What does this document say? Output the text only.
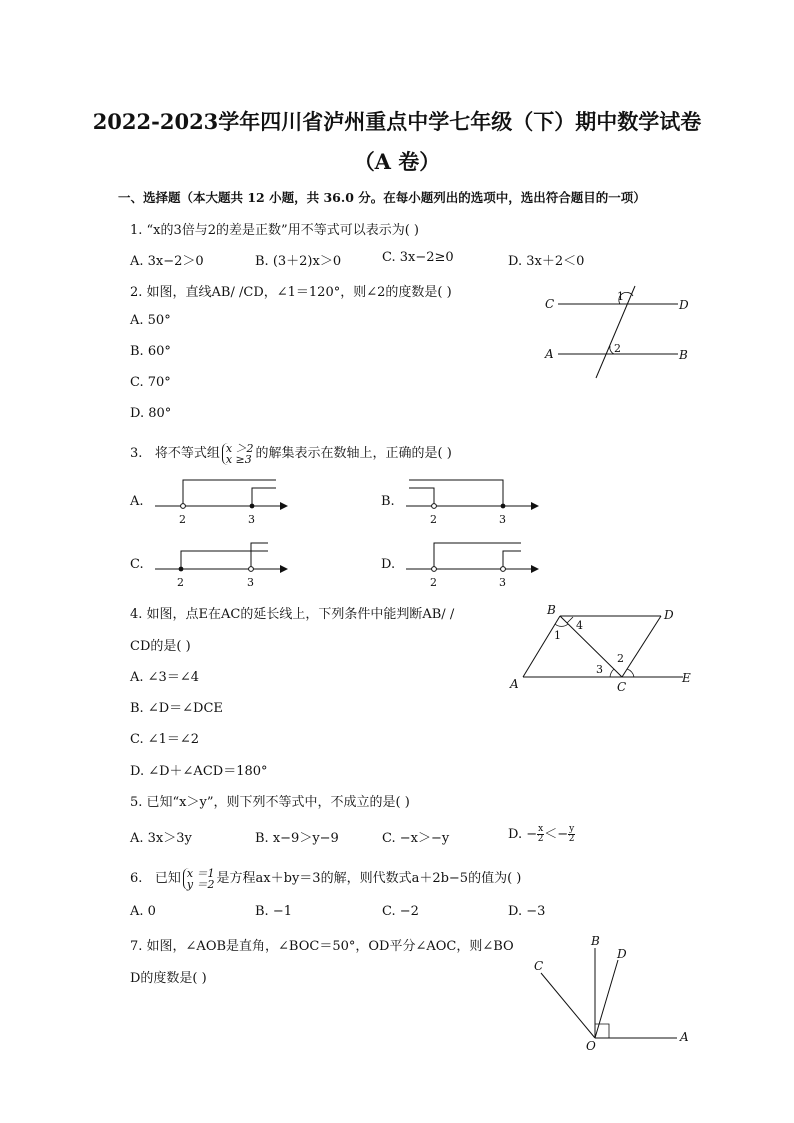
2022-2023学年四川省泸州重点中学七年级（下）期中数学试卷
（A 卷）
一、选择题（本大题共 12 小题，共 36.0 分。在每小题列出的选项中，选出符合题目的一项）
1. “x的3倍与2的差是正数”用不等式可以表示为( )
A. 3x−2＞0	B. (3＋2)x＞0	C. 3x−2≥0	D. 3x＋2＜0
2. 如图，直线AB/ /CD，∠1＝120°，则∠2的度数是( )
A. 50°
B. 60°
C. 70°
D. 80°
C	D
A	B
1
2
3. 将不等式组 x ＞2
x ≥3 的解集表示在数轴上，正确的是( )
A.	B.
C.	D.
2	3	2	3
2	3	2	3
4. 如图，点E在AC的延长线上，下列条件中能判断AB/ /
CD的是( )
A. ∠3＝∠4
B. ∠D＝∠DCE
C. ∠1＝∠2
D. ∠D＋∠ACD＝180°
B	D
A	C
E
1
2
3
4
5. 已知“x＞y”，则下列不等式中，不成立的是( )
A. 3x＞3y	B. x−9＞y−9	C. −x＞−y	D. − $\frac{x}{2} <- \frac{y}{2}$
6. 已知 x ＝1
y ＝2 是方程ax＋by＝3的解，则代数式a＋2b−5的值为( )
A. 0	B. −1	C. −2	D. −3
7. 如图，∠AOB是直角，∠BOC＝50°，OD平分∠AOC，则∠BO
D的度数是( )
B
D
C
O
A
